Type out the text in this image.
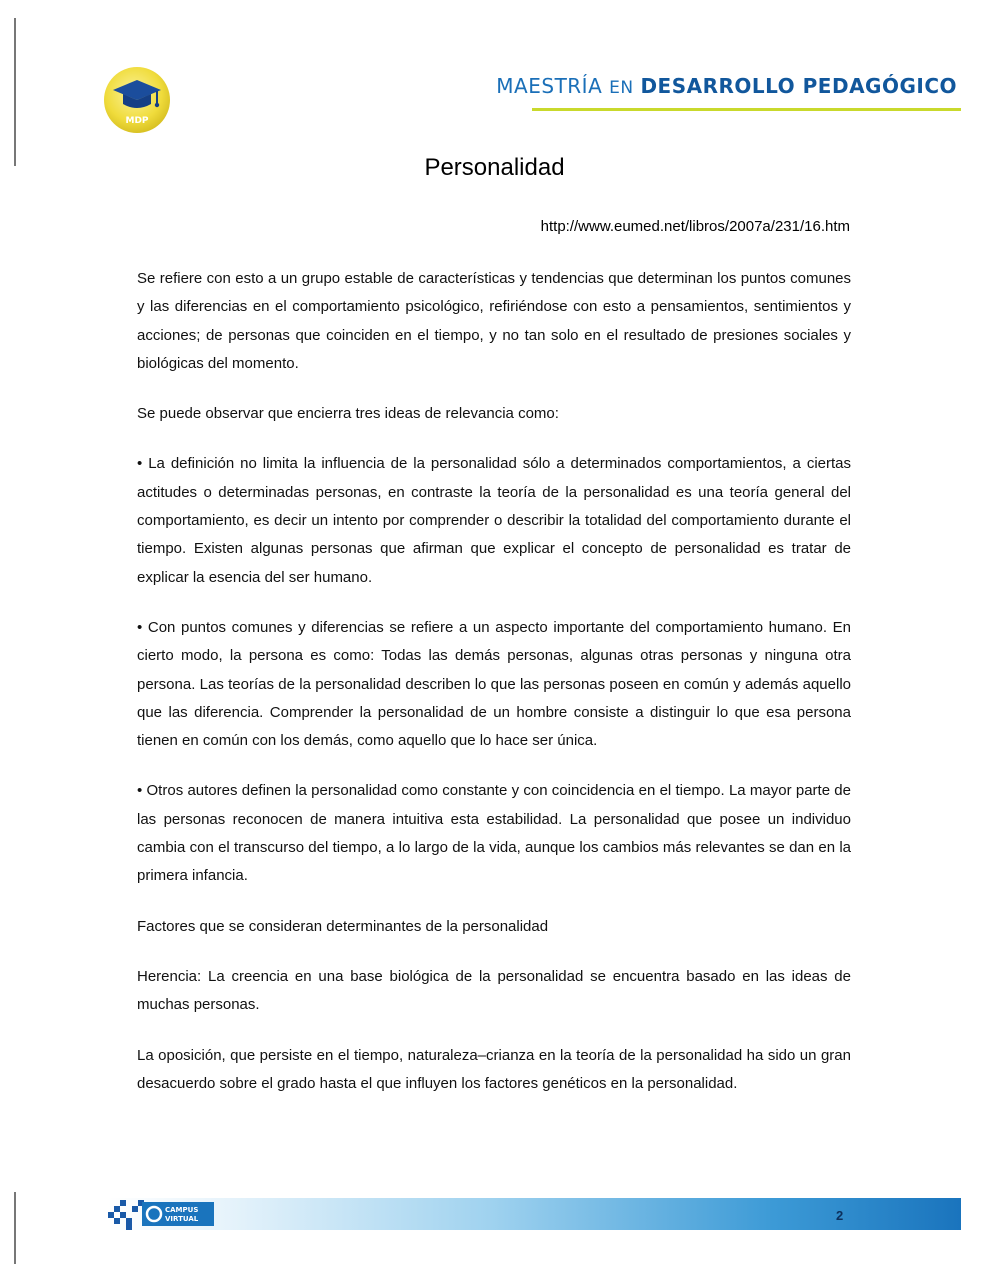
MDP
MAESTRÍA EN DESARROLLO PEDAGÓGICO
Personalidad
http://www.eumed.net/libros/2007a/231/16.htm

Se refiere con esto a un grupo estable de características y tendencias que determinan los puntos comunes y las diferencias en el comportamiento psicológico, refiriéndose con esto a pensamientos, sentimientos y acciones; de personas que coinciden en el tiempo, y no tan solo en el resultado de presiones sociales y biológicas del momento.

Se puede observar que encierra tres ideas de relevancia como:

• La definición no limita la influencia de la personalidad sólo a determinados comportamientos, a ciertas actitudes o determinadas personas, en contraste la teoría de la personalidad es una teoría general del comportamiento, es decir un intento por comprender o describir la totalidad del comportamiento durante el tiempo. Existen algunas personas que afirman que explicar el concepto de personalidad es tratar de explicar la esencia del ser humano.

• Con puntos comunes y diferencias se refiere a un aspecto importante del comportamiento humano. En cierto modo, la persona es como: Todas las demás personas, algunas otras personas y ninguna otra persona. Las teorías de la personalidad describen lo que las personas poseen en común y además aquello que las diferencia. Comprender la personalidad de un hombre consiste a distinguir lo que esa persona tienen en común con los demás, como aquello que lo hace ser única.

• Otros autores definen la personalidad como constante y con coincidencia en el tiempo. La mayor parte de las personas reconocen de manera intuitiva esta estabilidad. La personalidad que posee un individuo cambia con el transcurso del tiempo, a lo largo de la vida, aunque los cambios más relevantes se dan en la primera infancia.

Factores que se consideran determinantes de la personalidad

Herencia: La creencia en una base biológica de la personalidad se encuentra basado en las ideas de muchas personas.

La oposición, que persiste en el tiempo, naturaleza–crianza en la teoría de la personalidad ha sido un gran desacuerdo sobre el grado hasta el que influyen los factores genéticos en la personalidad.

CAMPUS
VIRTUAL	2
